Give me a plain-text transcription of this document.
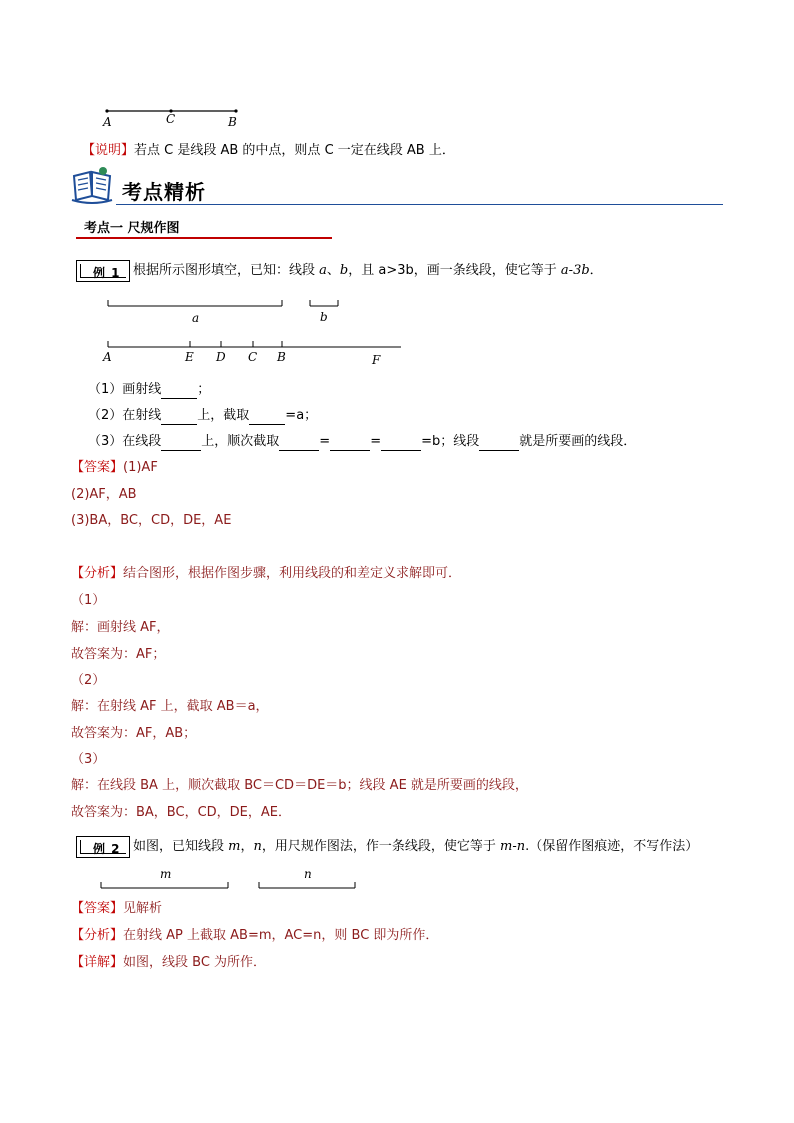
A	C	B
【说明】若点 C 是线段 AB 的中点，则点 C 一定在线段 AB 上．
考点精析
考点一 尺规作图
例 1 根据所示图形填空，已知：线段 a、b，且 a>3b，画一条线段，使它等于 a-3b．
a	b
A	E D C B	F
（1）画射线	；
（2）在射线	上，截取	=a；
（3）在线段	上，顺次截取	=	=	=b；线段	就是所要画的线段．
【答案】(1)AF
(2)AF，AB
(3)BA，BC，CD，DE，AE
【分析】结合图形，根据作图步骤，利用线段的和差定义求解即可．
（1）
解：画射线 AF，
故答案为：AF；
（2）
解：在射线 AF 上，截取 AB＝a，
故答案为：AF，AB；
（3）
解：在线段 BA 上，顺次截取 BC＝CD＝DE＝b；线段 AE 就是所要画的线段，
故答案为：BA，BC，CD，DE，AE．
例 2 如图，已知线段 m，n，用尺规作图法，作一条线段，使它等于 m-n.（保留作图痕迹，不写作法）
m	n
【答案】见解析
【分析】在射线 AP 上截取 AB=m，AC=n，则 BC 即为所作．
【详解】如图，线段 BC 为所作．
